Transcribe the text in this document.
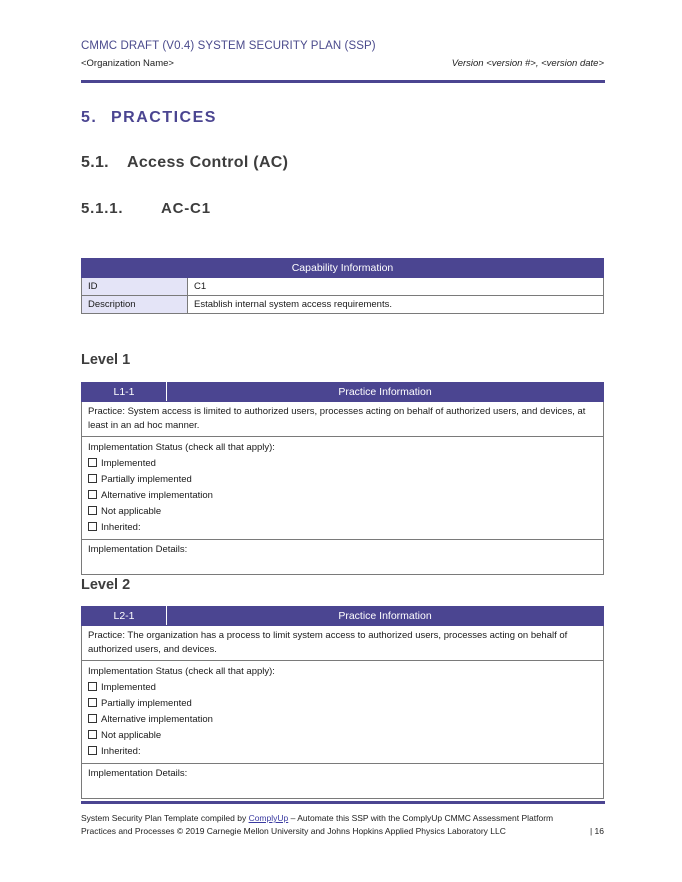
CMMC DRAFT (V0.4) SYSTEM SECURITY PLAN (SSP)
<Organization Name>	Version <version #>, <version date>
5. PRACTICES
5.1. Access Control (AC)
5.1.1.	AC-C1
Capability Information	
ID	C1
Description	Establish internal system access requirements.
Level 1
L1-1	Practice Information
Practice: System access is limited to authorized users, processes acting on behalf of authorized users, and devices, at least in an ad hoc manner.

Implementation Status (check all that apply):
Implemented
Partially implemented
Alternative implementation
Not applicable
Inherited:

Implementation Details:
Level 2
L2-1	Practice Information
Practice: The organization has a process to limit system access to authorized users, processes acting on behalf of authorized users, and devices.

Implementation Status (check all that apply):
Implemented
Partially implemented
Alternative implementation
Not applicable
Inherited:

Implementation Details:
System Security Plan Template compiled by ComplyUp – Automate this SSP with the ComplyUp CMMC Assessment Platform
Practices and Processes © 2019 Carnegie Mellon University and Johns Hopkins Applied Physics Laboratory LLC	| 16
